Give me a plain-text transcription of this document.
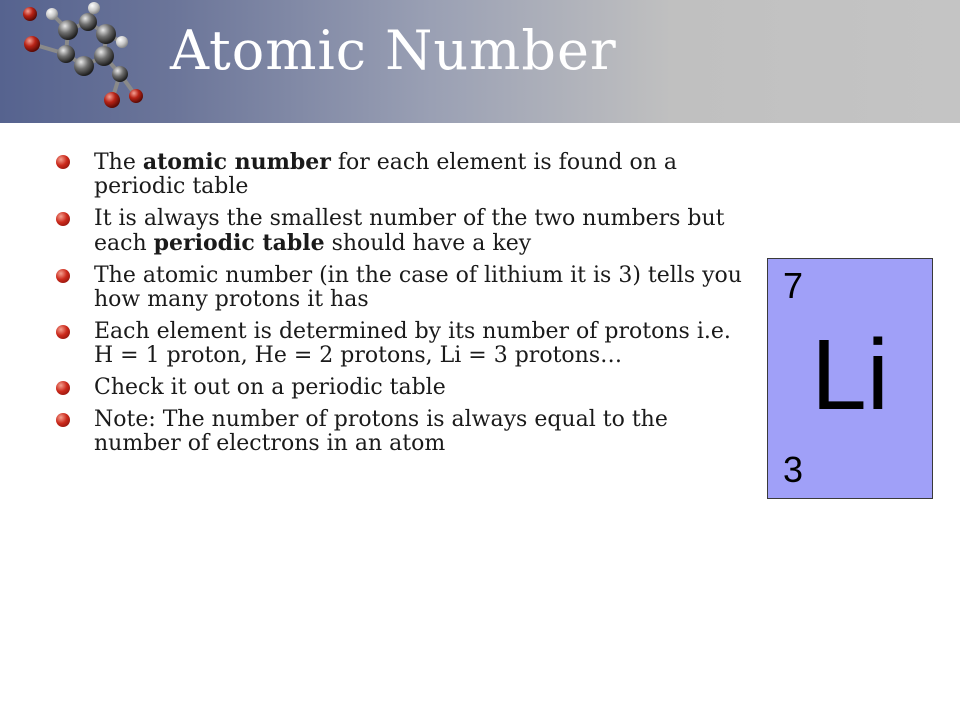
Atomic Number
The atomic number for each element is found on a periodic table
It is always the smallest number of the two numbers but each periodic table should have a key
The atomic number (in the case of lithium it is 3) tells you how many protons it has
Each element is determined by its number of protons i.e. H = 1 proton, He = 2 protons, Li = 3 protons…
Check it out on a periodic table
Note: The number of protons is always equal to the number of electrons in an atom
7
Li
3
